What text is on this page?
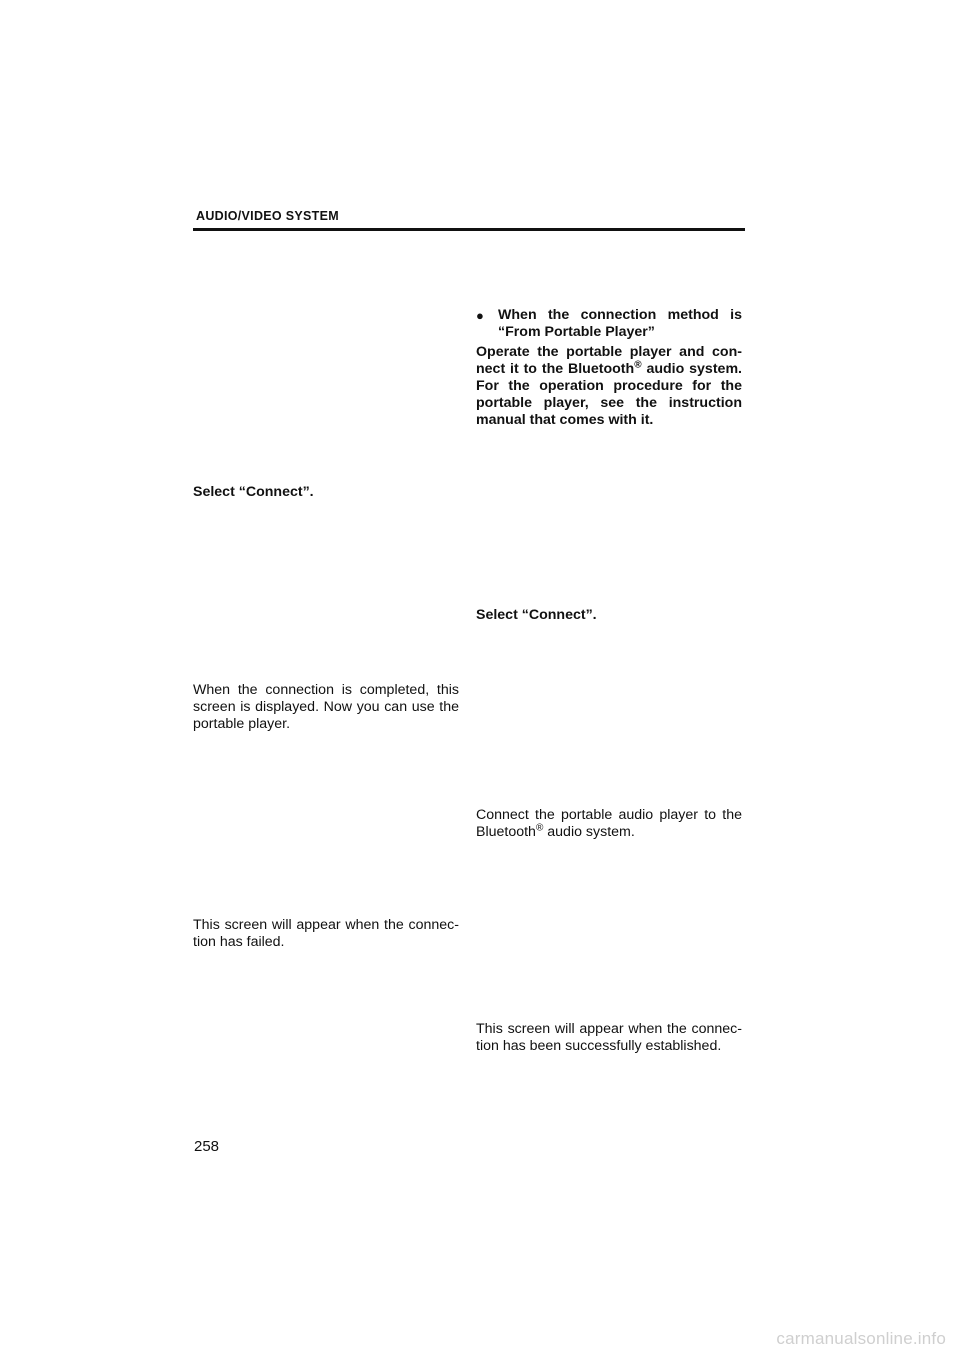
AUDIO/VIDEO SYSTEM
Select “Connect”.
When the connection is completed, this
screen is displayed. Now you can use the
portable player.
This screen will appear when the connec-
tion has failed.
● When the connection method is
“From Portable Player”
Operate the portable player and con-
nect it to the Bluetooth® audio system.
For the operation procedure for the
portable player, see the instruction
manual that comes with it.
Select “Connect”.
Connect the portable audio player to the
Bluetooth® audio system.
This screen will appear when the connec-
tion has been successfully established.
258
carmanualsonline.info
